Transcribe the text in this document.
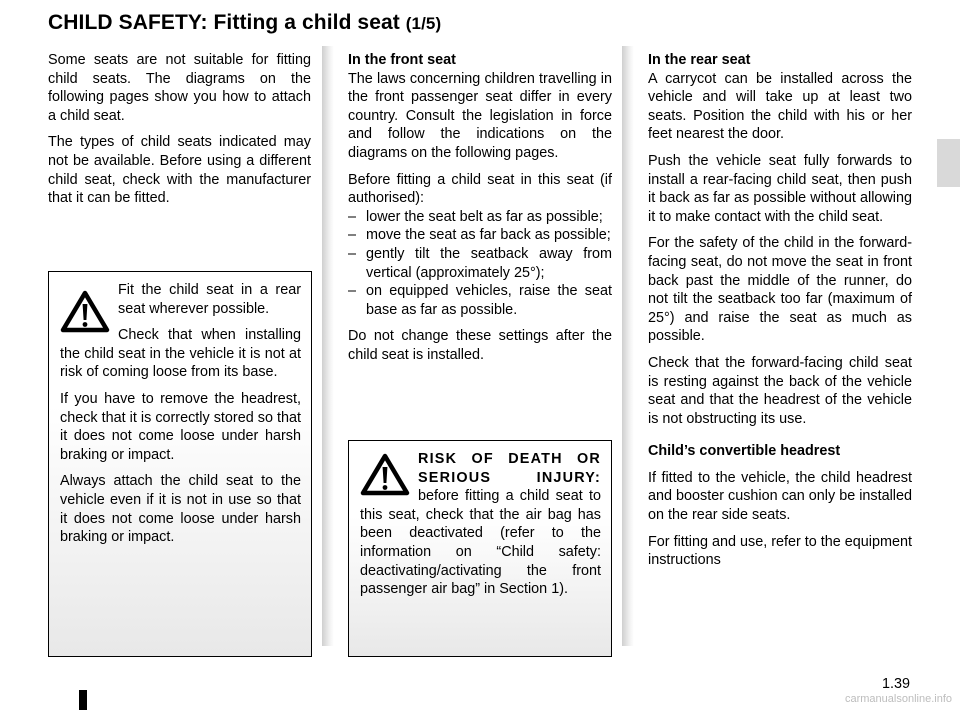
CHILD SAFETY: Fitting a child seat (1/5)

Some seats are not suitable for fitting child seats. The diagrams on the following pages show you how to attach a child seat.

The types of child seats indicated may not be available. Before using a different child seat, check with the manufacturer that it can be fitted.

Fit the child seat in a rear seat wherever possible.

Check that when installing the child seat in the vehicle it is not at risk of coming loose from its base.

If you have to remove the headrest, check that it is correctly stored so that it does not come loose under harsh braking or impact.

Always attach the child seat to the vehicle even if it is not in use so that it does not come loose under harsh braking or impact.

In the front seat

The laws concerning children travelling in the front passenger seat differ in every country. Consult the legislation in force and follow the indications on the diagrams on the following pages.

Before fitting a child seat in this seat (if authorised):

– lower the seat belt as far as possible;
– move the seat as far back as possible;
– gently tilt the seatback away from vertical (approximately 25°);
– on equipped vehicles, raise the seat base as far as possible.

Do not change these settings after the child seat is installed.

RISK OF DEATH OR SERIOUS INJURY: before fitting a child seat to this seat, check that the air bag has been deactivated (refer to the information on “Child safety: deactivating/activating the front passenger air bag” in Section 1).

In the rear seat

A carrycot can be installed across the vehicle and will take up at least two seats. Position the child with his or her feet nearest the door.

Push the vehicle seat fully forwards to install a rear-facing child seat, then push it back as far as possible without allowing it to make contact with the child seat.

For the safety of the child in the forward-facing seat, do not move the seat in front back past the middle of the runner, do not tilt the seatback too far (maximum of 25°) and raise the seat as much as possible.

Check that the forward-facing child seat is resting against the back of the vehicle seat and that the headrest of the vehicle is not obstructing its use.

Child’s convertible headrest

If fitted to the vehicle, the child headrest and booster cushion can only be installed on the rear side seats.

For fitting and use, refer to the equipment instructions

1.39
carmanualsonline.info
